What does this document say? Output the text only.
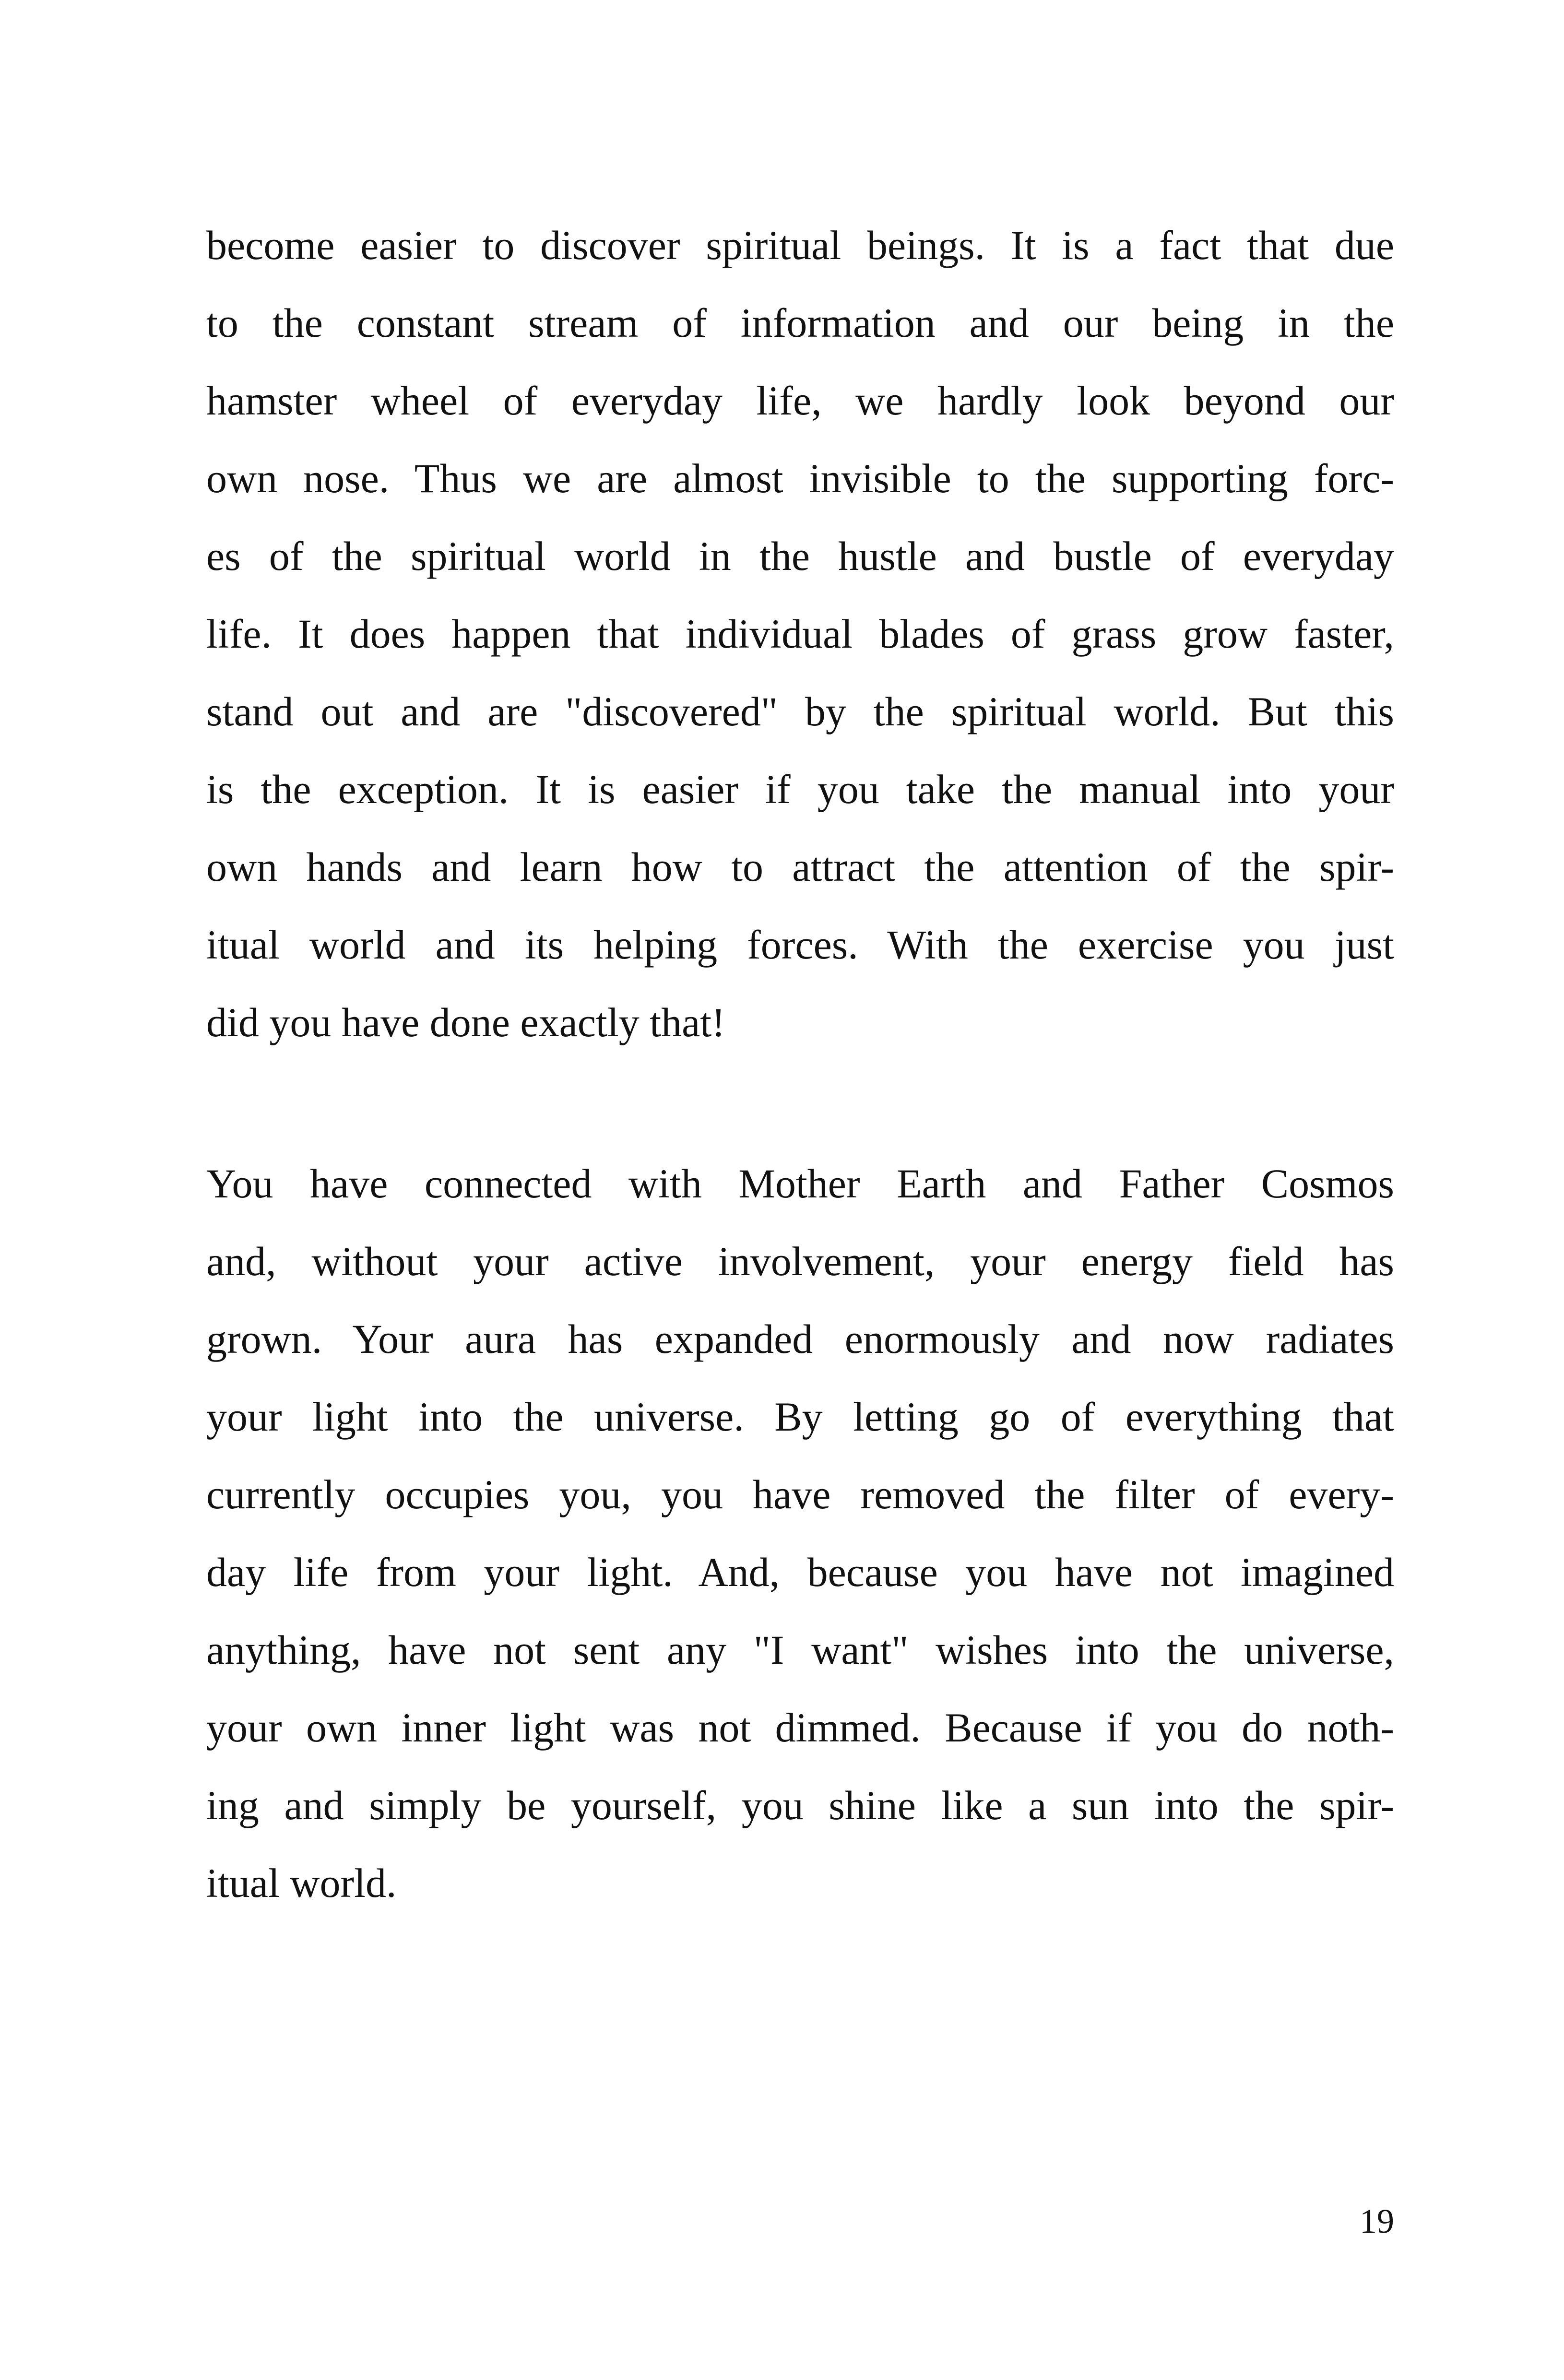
become easier to discover spiritual beings. It is a fact that due
to the constant stream of information and our being in the
hamster wheel of everyday life, we hardly look beyond our
own nose. Thus we are almost invisible to the supporting forc-
es of the spiritual world in the hustle and bustle of everyday
life. It does happen that individual blades of grass grow faster,
stand out and are "discovered" by the spiritual world. But this
is the exception. It is easier if you take the manual into your
own hands and learn how to attract the attention of the spir-
itual world and its helping forces. With the exercise you just
did you have done exactly that!
You have connected with Mother Earth and Father Cosmos
and, without your active involvement, your energy field has
grown. Your aura has expanded enormously and now radiates
your light into the universe. By letting go of everything that
currently occupies you, you have removed the filter of every-
day life from your light. And, because you have not imagined
anything, have not sent any "I want" wishes into the universe,
your own inner light was not dimmed. Because if you do noth-
ing and simply be yourself, you shine like a sun into the spir-
itual world.
19
